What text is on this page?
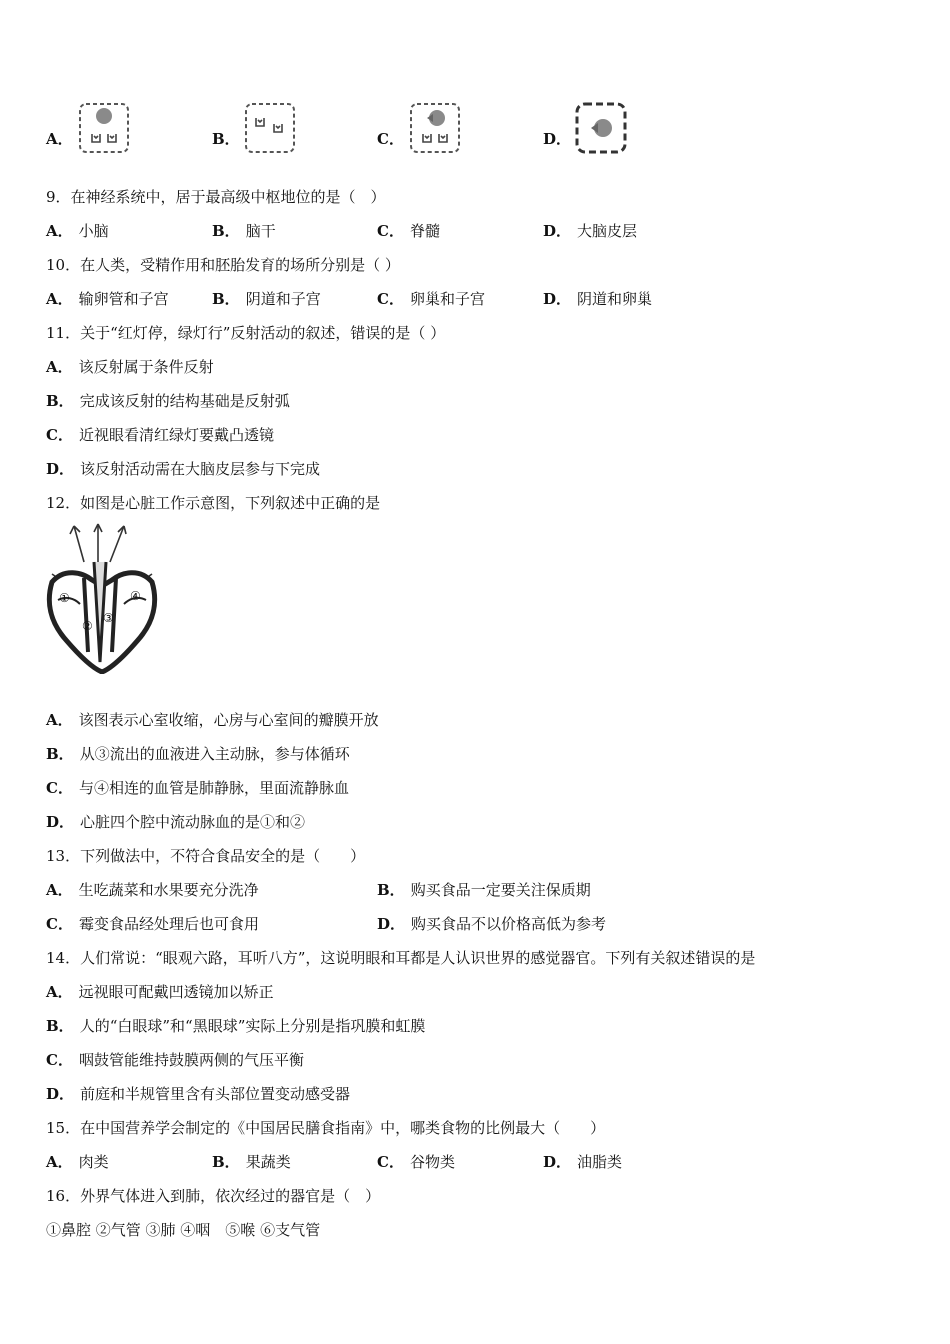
A．	B．	C．	D．
9．在神经系统中，居于最高级中枢地位的是（　）
A． 小脑	B． 脑干	C． 脊髓	D． 大脑皮层
10．在人类，受精作用和胚胎发育的场所分别是（ ）
A． 输卵管和子宫	B． 阴道和子宫	C． 卵巢和子宫	D． 阴道和卵巢
11．关于“红灯停，绿灯行”反射活动的叙述，错误的是（ ）
A． 该反射属于条件反射
B． 完成该反射的结构基础是反射弧
C． 近视眼看清红绿灯要戴凸透镜
D． 该反射活动需在大脑皮层参与下完成
12．如图是心脏工作示意图，下列叙述中正确的是
①
②
③
④
A． 该图表示心室收缩，心房与心室间的瓣膜开放
B． 从③流出的血液进入主动脉，参与体循环
C． 与④相连的血管是肺静脉，里面流静脉血
D． 心脏四个腔中流动脉血的是①和②
13．下列做法中，不符合食品安全的是（　　）
A． 生吃蔬菜和水果要充分洗净	B． 购买食品一定要关注保质期
C． 霉变食品经处理后也可食用	D． 购买食品不以价格高低为参考
14．人们常说：“眼观六路，耳听八方”，这说明眼和耳都是人认识世界的感觉器官。下列有关叙述错误的是
A． 远视眼可配戴凹透镜加以矫正
B． 人的“白眼球”和“黑眼球”实际上分别是指巩膜和虹膜
C． 咽鼓管能维持鼓膜两侧的气压平衡
D． 前庭和半规管里含有头部位置变动感受器
15．在中国营养学会制定的《中国居民膳食指南》中，哪类食物的比例最大（　　）
A． 肉类	B． 果蔬类	C． 谷物类	D． 油脂类
16．外界气体进入到肺，依次经过的器官是（　）
①鼻腔 ②气管 ③肺 ④咽　⑤喉 ⑥支气管
